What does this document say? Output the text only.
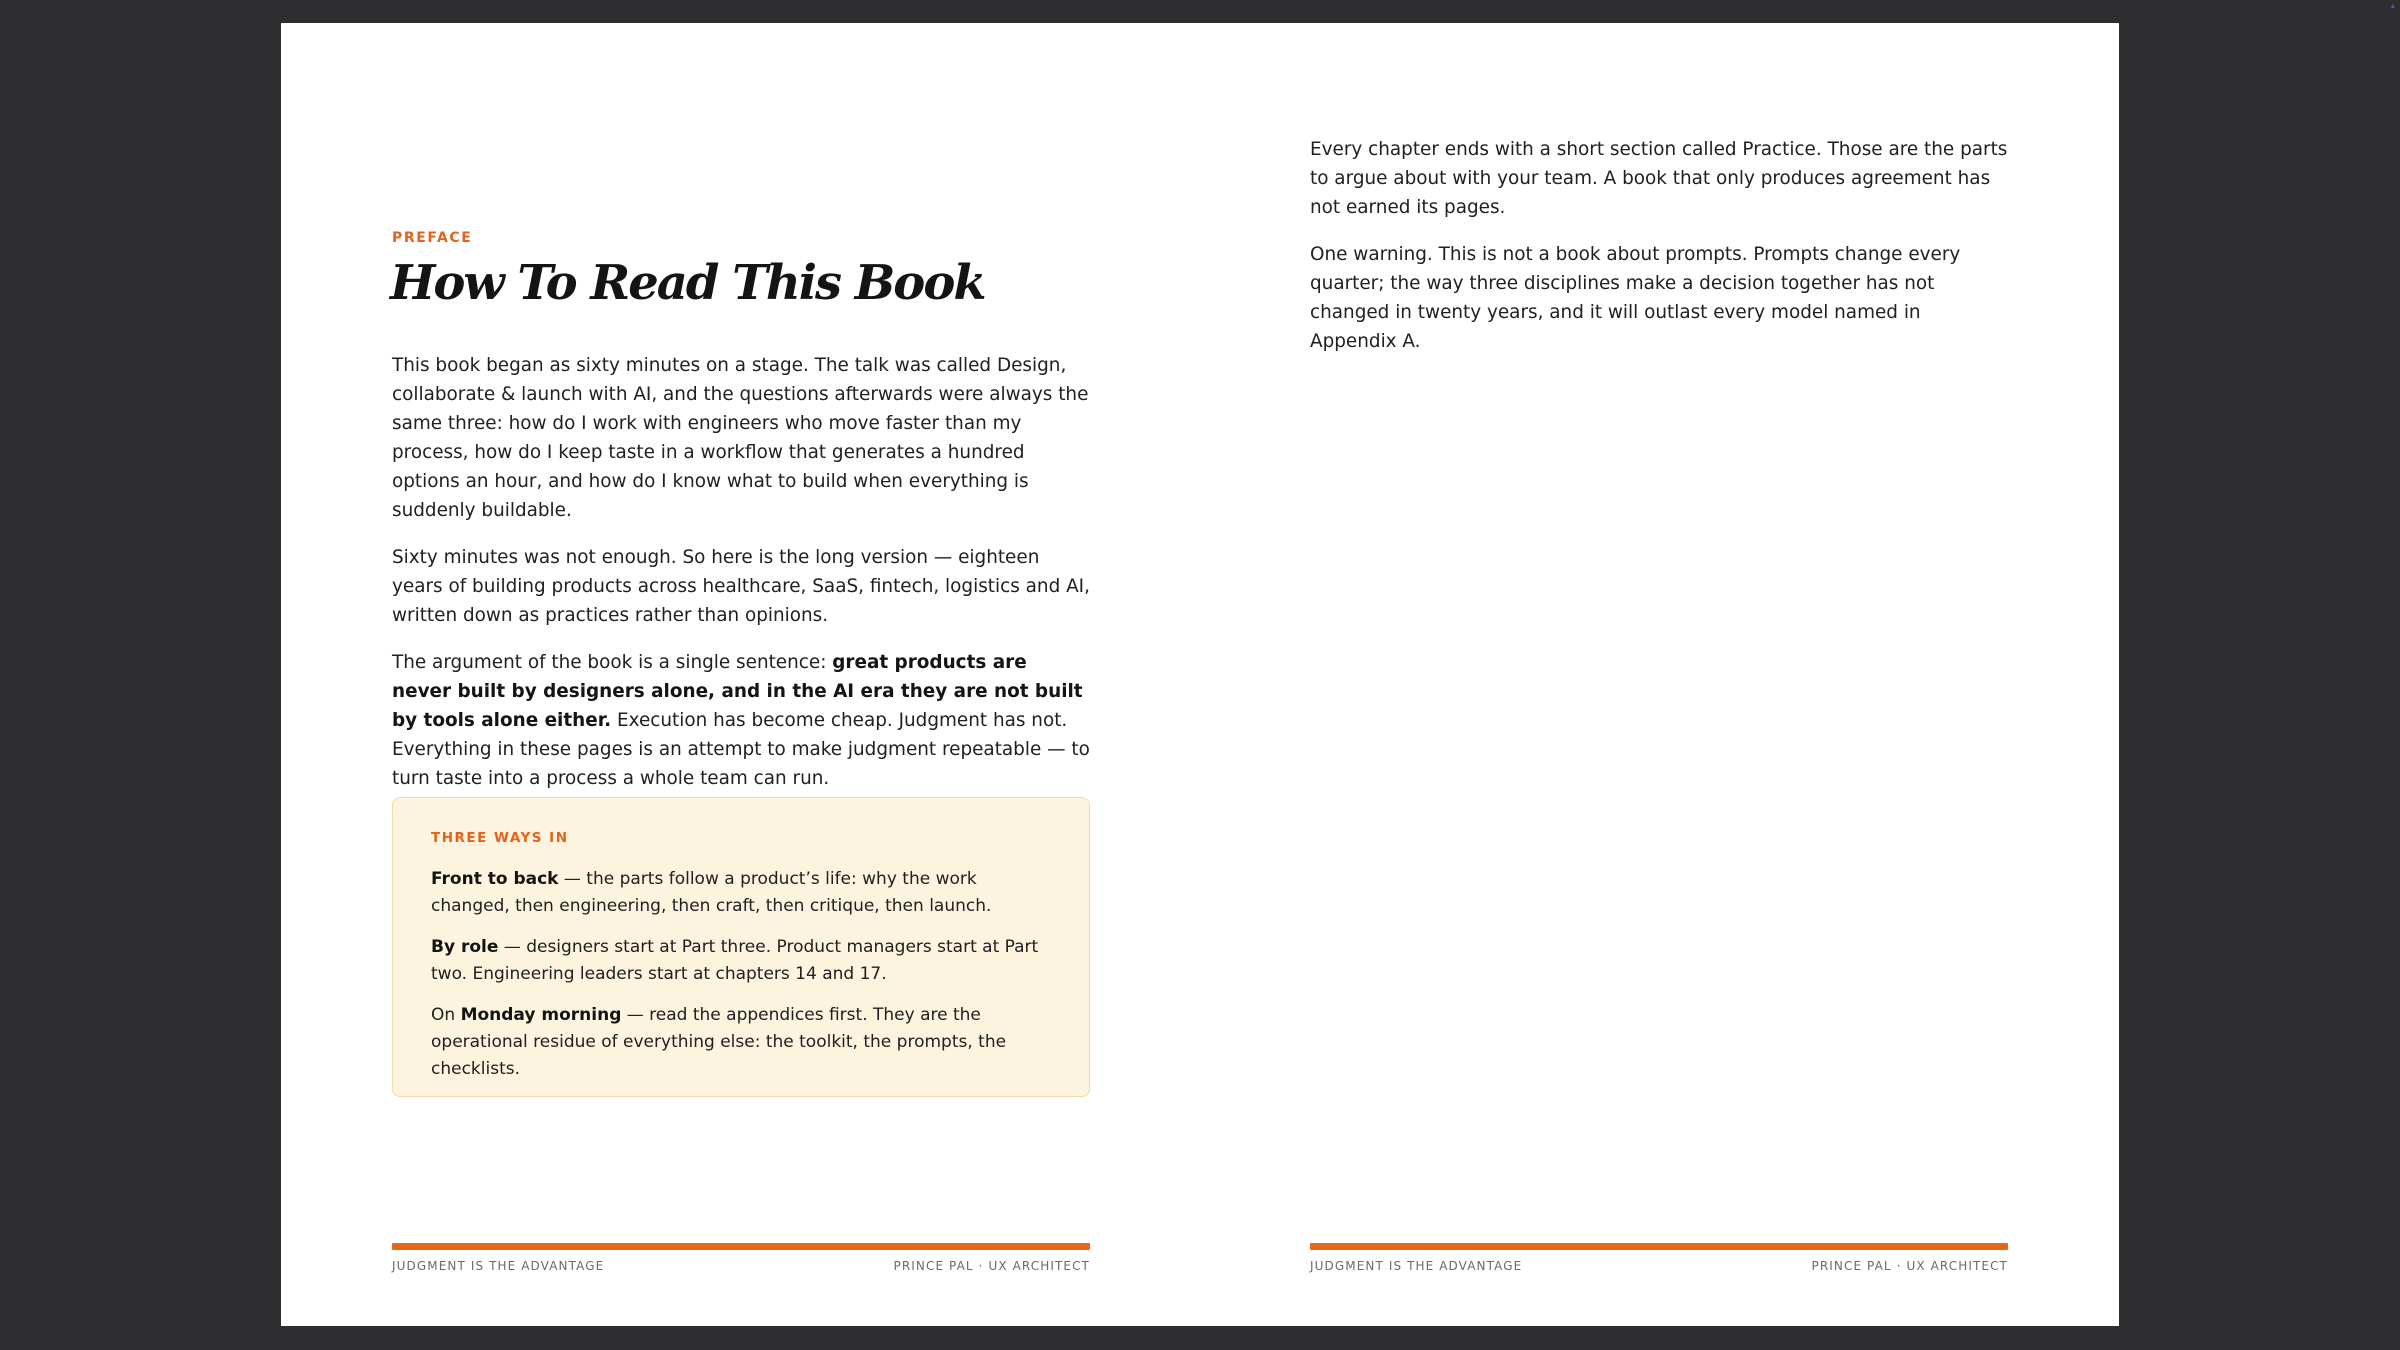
PREFACE
How To Read This Book

This book began as sixty minutes on a stage. The talk was called Design, collaborate & launch with AI, and the questions afterwards were always the same three: how do I work with engineers who move faster than my process, how do I keep taste in a workflow that generates a hundred options an hour, and how do I know what to build when everything is suddenly buildable.

Sixty minutes was not enough. So here is the long version — eighteen years of building products across healthcare, SaaS, fintech, logistics and AI, written down as practices rather than opinions.

The argument of the book is a single sentence: great products are never built by designers alone, and in the AI era they are not built by tools alone either. Execution has become cheap. Judgment has not. Everything in these pages is an attempt to make judgment repeatable — to turn taste into a process a whole team can run.

THREE WAYS IN

Front to back — the parts follow a product’s life: why the work changed, then engineering, then craft, then critique, then launch.

By role — designers start at Part three. Product managers start at Part two. Engineering leaders start at chapters 14 and 17.

On Monday morning — read the appendices first. They are the operational residue of everything else: the toolkit, the prompts, the checklists.

JUDGMENT IS THE ADVANTAGE	PRINCE PAL · UX ARCHITECT

Every chapter ends with a short section called Practice. Those are the parts to argue about with your team. A book that only produces agreement has not earned its pages.

One warning. This is not a book about prompts. Prompts change every quarter; the way three disciplines make a decision together has not changed in twenty years, and it will outlast every model named in Appendix A.

JUDGMENT IS THE ADVANTAGE	PRINCE PAL · UX ARCHITECT
▴
